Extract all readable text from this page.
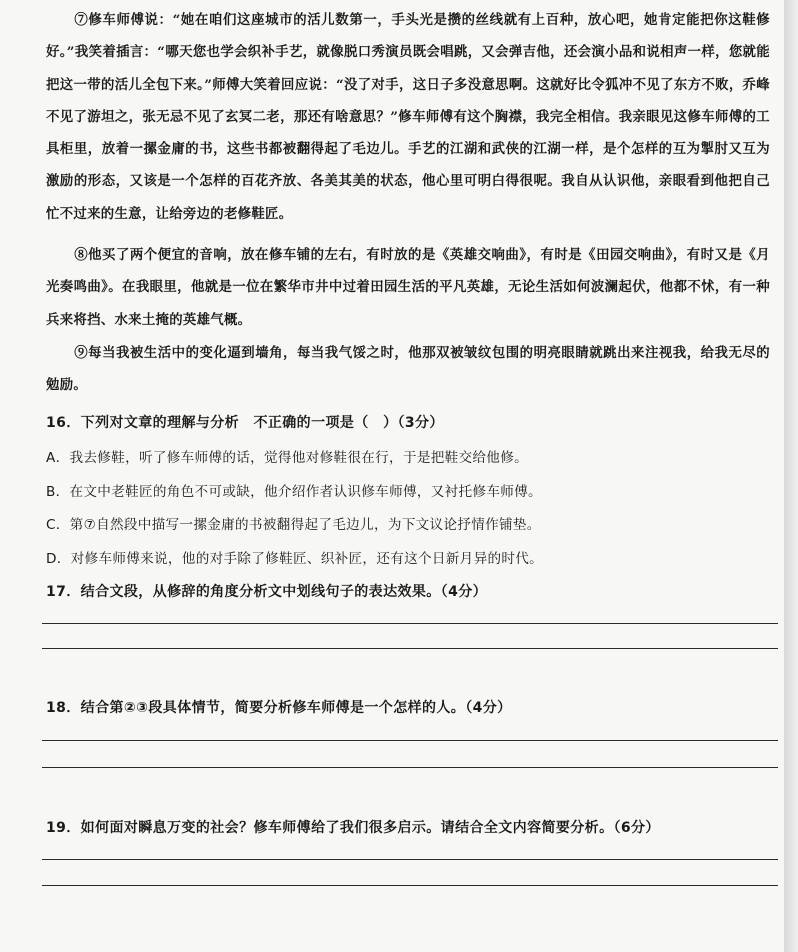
⑦修车师傅说：“她在咱们这座城市的活儿数第一，手头光是攒的丝线就有上百种，放心吧，她肯定能把你这鞋修好。”我笑着插言：“哪天您也学会织补手艺，就像脱口秀演员既会唱跳，又会弹吉他，还会演小品和说相声一样，您就能把这一带的活儿全包下来。”师傅大笑着回应说：“没了对手，这日子多没意思啊。这就好比令狐冲不见了东方不败，乔峰不见了游坦之，张无忌不见了玄冥二老，那还有啥意思？”修车师傅有这个胸襟，我完全相信。我亲眼见这修车师傅的工具柜里，放着一摞金庸的书，这些书都被翻得起了毛边儿。手艺的江湖和武侠的江湖一样，是个怎样的互为掣肘又互为激励的形态，又该是一个怎样的百花齐放、各美其美的状态，他心里可明白得很呢。我自从认识他，亲眼看到他把自己忙不过来的生意，让给旁边的老修鞋匠。
⑧他买了两个便宜的音响，放在修车铺的左右，有时放的是《英雄交响曲》，有时是《田园交响曲》，有时又是《月光奏鸣曲》。在我眼里，他就是一位在繁华市井中过着田园生活的平凡英雄，无论生活如何波澜起伏，他都不怵，有一种兵来将挡、水来土掩的英雄气概。
⑨每当我被生活中的变化逼到墙角，每当我气馁之时，他那双被皱纹包围的明亮眼睛就跳出来注视我，给我无尽的勉励。
16．下列对文章的理解与分析　不正确的一项是（　）（3分）
A．我去修鞋，听了修车师傅的话，觉得他对修鞋很在行，于是把鞋交给他修。
B．在文中老鞋匠的角色不可或缺，他介绍作者认识修车师傅，又衬托修车师傅。
C．第⑦自然段中描写一摞金庸的书被翻得起了毛边儿，为下文议论抒情作铺垫。
D．对修车师傅来说，他的对手除了修鞋匠、织补匠，还有这个日新月异的时代。
17．结合文段，从修辞的角度分析文中划线句子的表达效果。（4分）
18．结合第②③段具体情节，简要分析修车师傅是一个怎样的人。（4分）
19．如何面对瞬息万变的社会？修车师傅给了我们很多启示。请结合全文内容简要分析。（6分）
